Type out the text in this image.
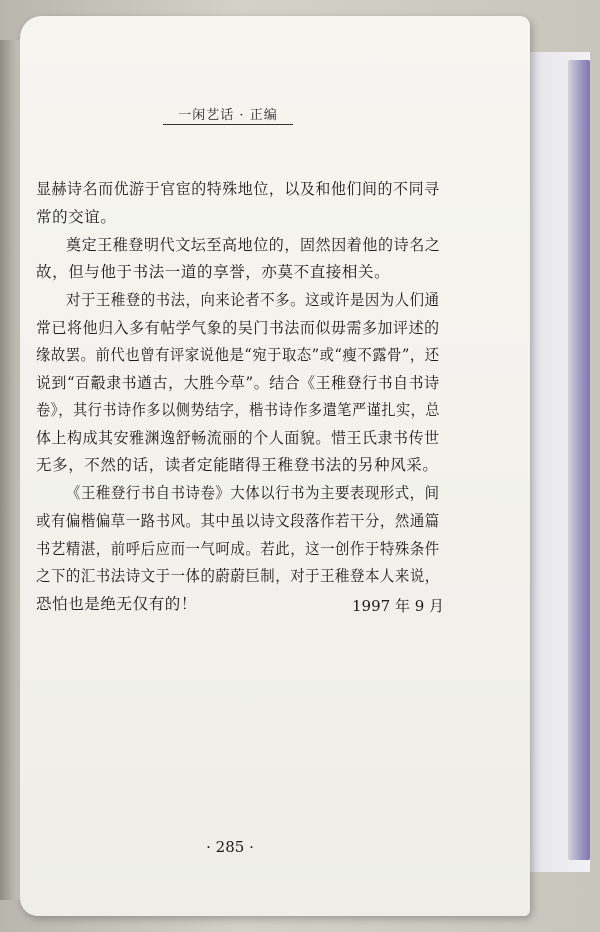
一闲艺话 · 正编
显赫诗名而优游于官宦的特殊地位，以及和他们间的不同寻
常的交谊。
奠定王稚登明代文坛至高地位的，固然因着他的诗名之
故，但与他于书法一道的享誉，亦莫不直接相关。
对于王稚登的书法，向来论者不多。这或许是因为人们通
常已将他归入多有帖学气象的吴门书法而似毋需多加评述的
缘故罢。前代也曾有评家说他是“宛于取态”或“瘦不露骨”，还
说到“百觳隶书遒古，大胜今草”。结合《王稚登行书自书诗
卷》，其行书诗作多以侧势结字，楷书诗作多遣笔严谨扎实，总
体上构成其安雅渊逸舒畅流丽的个人面貌。惜王氏隶书传世
无多，不然的话，读者定能睹得王稚登书法的另种风采。
《王稚登行书自书诗卷》大体以行书为主要表现形式，间
或有偏楷偏草一路书风。其中虽以诗文段落作若干分，然通篇
书艺精湛，前呼后应而一气呵成。若此，这一创作于特殊条件
之下的汇书法诗文于一体的蔚蔚巨制，对于王稚登本人来说，
恐怕也是绝无仅有的！	1997 年 9 月
· 285 ·
